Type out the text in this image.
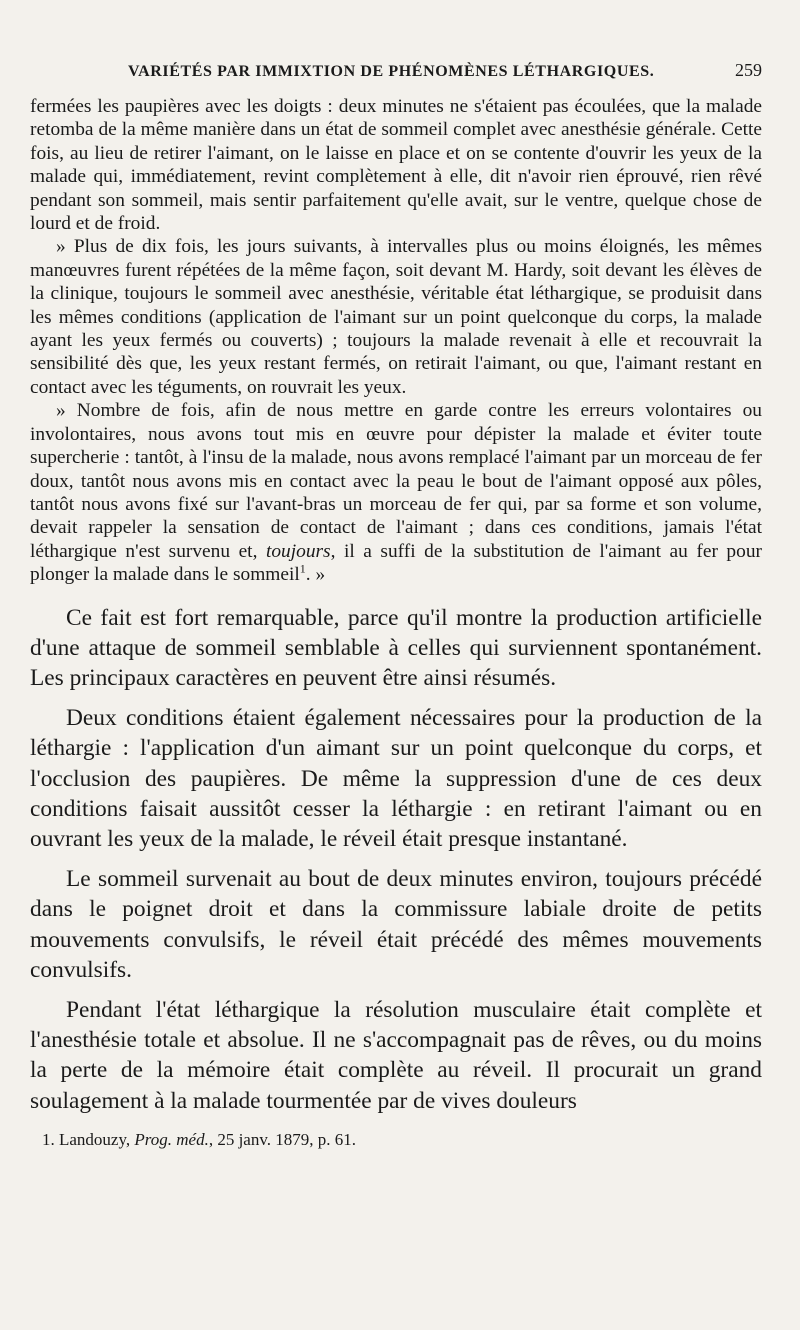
VARIÉTÉS PAR IMMIXTION DE PHÉNOMÈNES LÉTHARGIQUES.	259

fermées les paupières avec les doigts : deux minutes ne s'étaient pas écoulées, que la malade retomba de la même manière dans un état de sommeil complet avec anesthésie générale. Cette fois, au lieu de retirer l'aimant, on le laisse en place et on se contente d'ouvrir les yeux de la malade qui, immédiatement, revint complètement à elle, dit n'avoir rien éprouvé, rien rêvé pendant son sommeil, mais sentir parfaitement qu'elle avait, sur le ventre, quelque chose de lourd et de froid.

» Plus de dix fois, les jours suivants, à intervalles plus ou moins éloignés, les mêmes manœuvres furent répétées de la même façon, soit devant M. Hardy, soit devant les élèves de la clinique, toujours le sommeil avec anesthésie, véritable état léthargique, se produisit dans les mêmes conditions (application de l'aimant sur un point quelconque du corps, la malade ayant les yeux fermés ou couverts) ; toujours la malade revenait à elle et recouvrait la sensibilité dès que, les yeux restant fermés, on retirait l'aimant, ou que, l'aimant restant en contact avec les téguments, on rouvrait les yeux.

» Nombre de fois, afin de nous mettre en garde contre les erreurs volontaires ou involontaires, nous avons tout mis en œuvre pour dépister la malade et éviter toute supercherie : tantôt, à l'insu de la malade, nous avons remplacé l'aimant par un morceau de fer doux, tantôt nous avons mis en contact avec la peau le bout de l'aimant opposé aux pôles, tantôt nous avons fixé sur l'avant-bras un morceau de fer qui, par sa forme et son volume, devait rappeler la sensation de contact de l'aimant ; dans ces conditions, jamais l'état léthargique n'est survenu et, toujours, il a suffi de la substitution de l'aimant au fer pour plonger la malade dans le sommeil$^1$. »

Ce fait est fort remarquable, parce qu'il montre la production artificielle d'une attaque de sommeil semblable à celles qui surviennent spontanément. Les principaux caractères en peuvent être ainsi résumés.

Deux conditions étaient également nécessaires pour la production de la léthargie : l'application d'un aimant sur un point quelconque du corps, et l'occlusion des paupières. De même la suppression d'une de ces deux conditions faisait aussitôt cesser la léthargie : en retirant l'aimant ou en ouvrant les yeux de la malade, le réveil était presque instantané.

Le sommeil survenait au bout de deux minutes environ, toujours précédé dans le poignet droit et dans la commissure labiale droite de petits mouvements convulsifs, le réveil était précédé des mêmes mouvements convulsifs.

Pendant l'état léthargique la résolution musculaire était complète et l'anesthésie totale et absolue. Il ne s'accompagnait pas de rêves, ou du moins la perte de la mémoire était complète au réveil. Il procurait un grand soulagement à la malade tourmentée par de vives douleurs

1. Landouzy, Prog. méd., 25 janv. 1879, p. 61.
